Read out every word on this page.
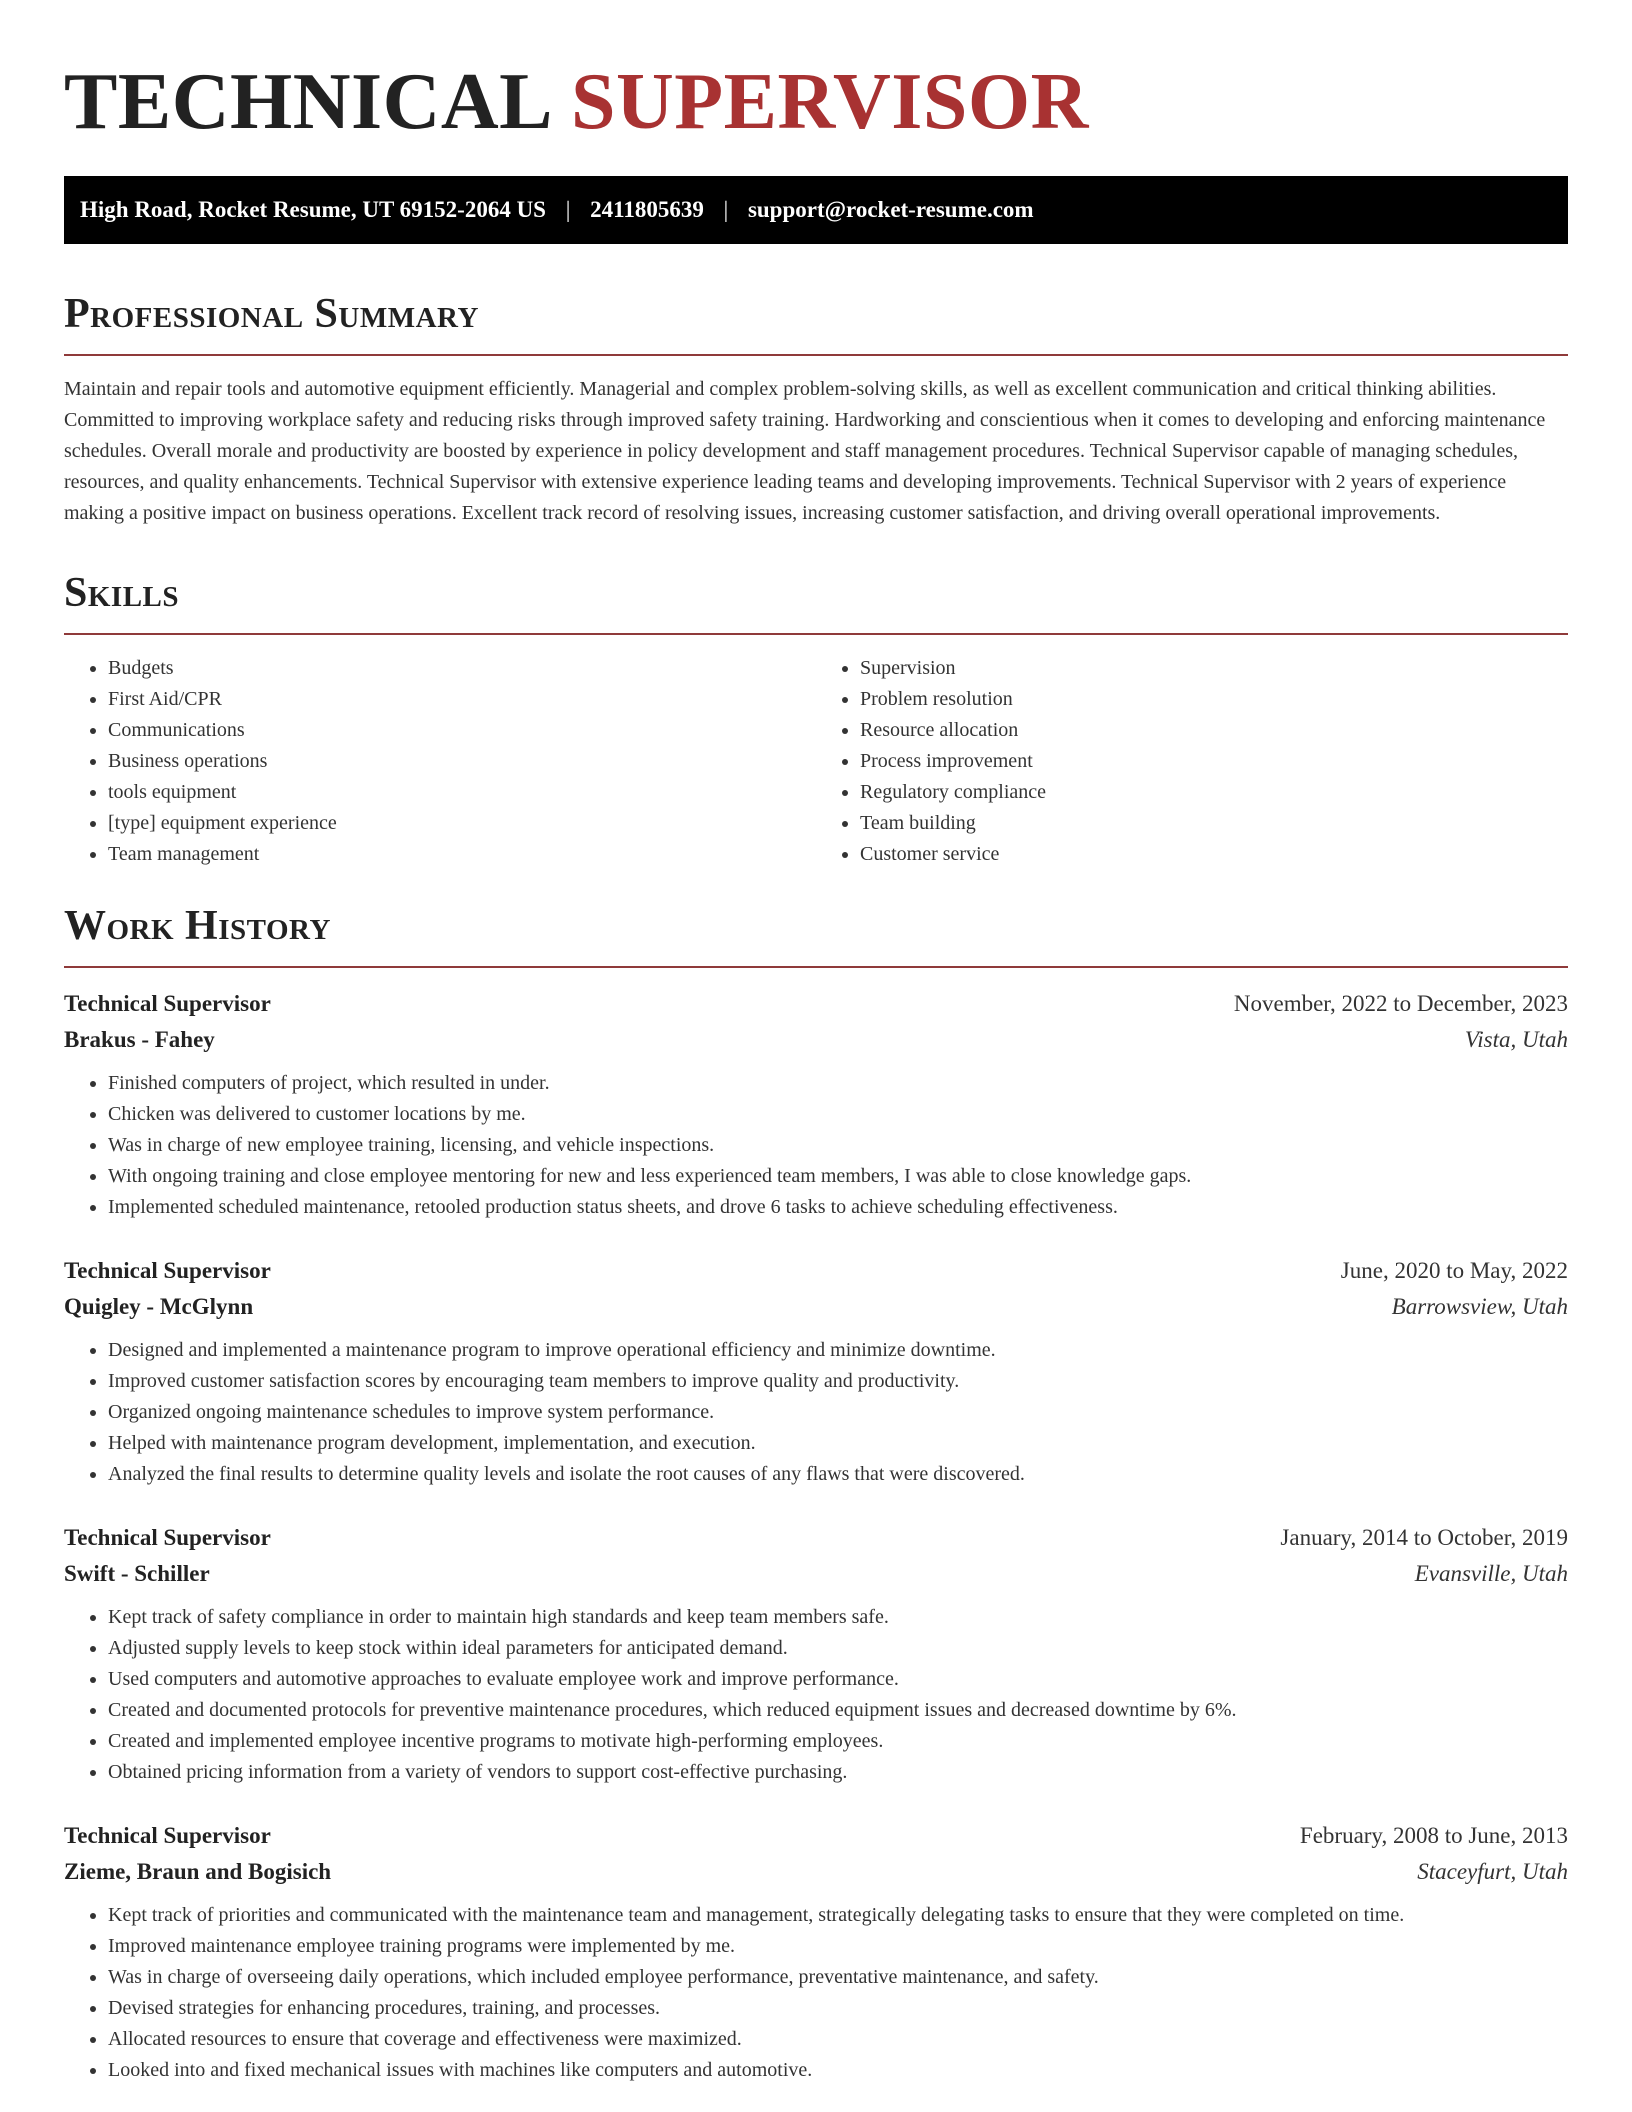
TECHNICAL SUPERVISOR
High Road, Rocket Resume, UT 69152-2064 US | 2411805639 | support@rocket-resume.com
Professional Summary

Maintain and repair tools and automotive equipment efficiently. Managerial and complex problem-solving skills, as well as excellent communication and critical thinking abilities. Committed to improving workplace safety and reducing risks through improved safety training. Hardworking and conscientious when it comes to developing and enforcing maintenance schedules. Overall morale and productivity are boosted by experience in policy development and staff management procedures. Technical Supervisor capable of managing schedules, resources, and quality enhancements. Technical Supervisor with extensive experience leading teams and developing improvements. Technical Supervisor with 2 years of experience making a positive impact on business operations. Excellent track record of resolving issues, increasing customer satisfaction, and driving overall operational improvements.

Skills
• Budgets
• First Aid/CPR
• Communications
• Business operations
• tools equipment
• [type] equipment experience
• Team management
• Supervision
• Problem resolution
• Resource allocation
• Process improvement
• Regulatory compliance
• Team building
• Customer service
Work History
Technical Supervisor	November, 2022 to December, 2023
Brakus - Fahey	Vista, Utah
• Finished computers of project, which resulted in under.
• Chicken was delivered to customer locations by me.
• Was in charge of new employee training, licensing, and vehicle inspections.
• With ongoing training and close employee mentoring for new and less experienced team members, I was able to close knowledge gaps.
• Implemented scheduled maintenance, retooled production status sheets, and drove 6 tasks to achieve scheduling effectiveness.
Technical Supervisor	June, 2020 to May, 2022
Quigley - McGlynn	Barrowsview, Utah
• Designed and implemented a maintenance program to improve operational efficiency and minimize downtime.
• Improved customer satisfaction scores by encouraging team members to improve quality and productivity.
• Organized ongoing maintenance schedules to improve system performance.
• Helped with maintenance program development, implementation, and execution.
• Analyzed the final results to determine quality levels and isolate the root causes of any flaws that were discovered.
Technical Supervisor	January, 2014 to October, 2019
Swift - Schiller	Evansville, Utah
• Kept track of safety compliance in order to maintain high standards and keep team members safe.
• Adjusted supply levels to keep stock within ideal parameters for anticipated demand.
• Used computers and automotive approaches to evaluate employee work and improve performance.
• Created and documented protocols for preventive maintenance procedures, which reduced equipment issues and decreased downtime by 6%.
• Created and implemented employee incentive programs to motivate high-performing employees.
• Obtained pricing information from a variety of vendors to support cost-effective purchasing.
Technical Supervisor	February, 2008 to June, 2013
Zieme, Braun and Bogisich	Staceyfurt, Utah
• Kept track of priorities and communicated with the maintenance team and management, strategically delegating tasks to ensure that they were completed on time.
• Improved maintenance employee training programs were implemented by me.
• Was in charge of overseeing daily operations, which included employee performance, preventative maintenance, and safety.
• Devised strategies for enhancing procedures, training, and processes.
• Allocated resources to ensure that coverage and effectiveness were maximized.
• Looked into and fixed mechanical issues with machines like computers and automotive.
